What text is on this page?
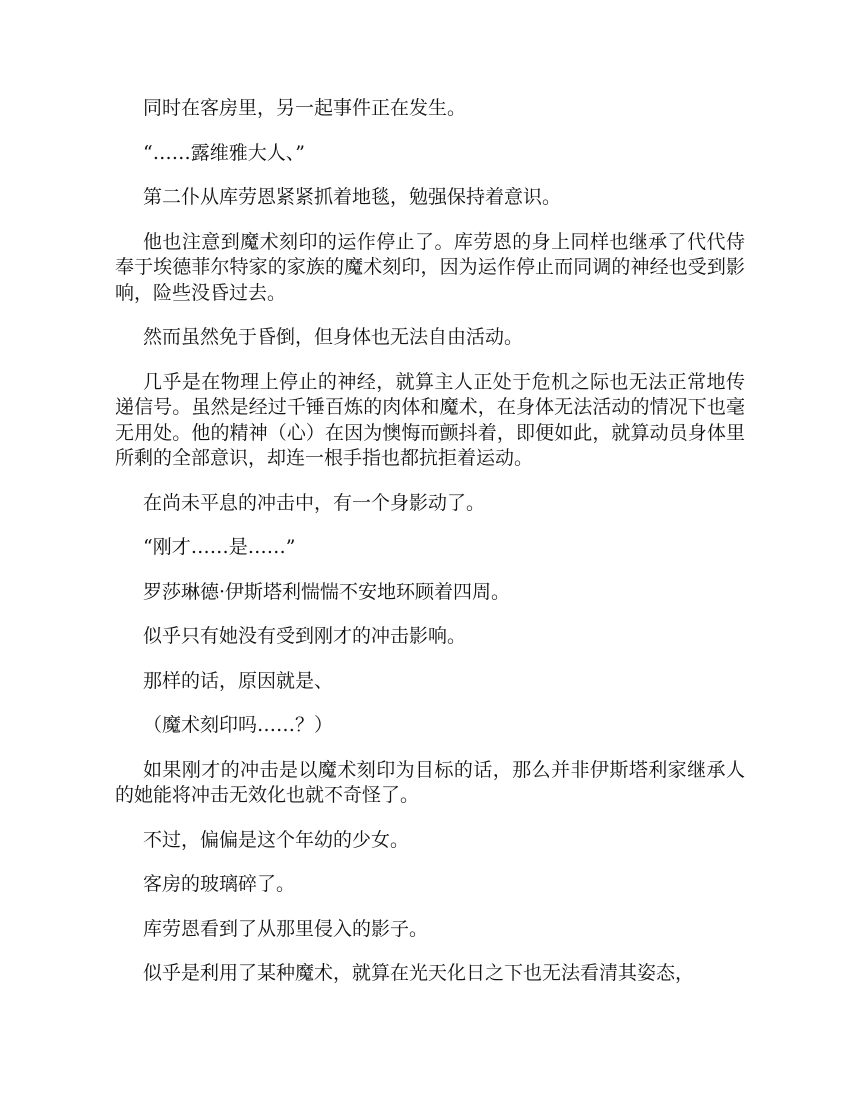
同时在客房里，另一起事件正在发生。

“……露维雅大人、”

第二仆从库劳恩紧紧抓着地毯，勉强保持着意识。

他也注意到魔术刻印的运作停止了。库劳恩的身上同样也继承了代代侍奉于埃德菲尔特家的家族的魔术刻印，因为运作停止而同调的神经也受到影响，险些没昏过去。

然而虽然免于昏倒，但身体也无法自由活动。

几乎是在物理上停止的神经，就算主人正处于危机之际也无法正常地传递信号。虽然是经过千锤百炼的肉体和魔术，在身体无法活动的情况下也毫无用处。他的精神（心）在因为懊悔而颤抖着，即便如此，就算动员身体里所剩的全部意识，却连一根手指也都抗拒着运动。

在尚未平息的冲击中，有一个身影动了。

“刚才……是……”

罗莎琳德·伊斯塔利惴惴不安地环顾着四周。

似乎只有她没有受到刚才的冲击影响。

那样的话，原因就是、

（魔术刻印吗……？）

如果刚才的冲击是以魔术刻印为目标的话，那么并非伊斯塔利家继承人的她能将冲击无效化也就不奇怪了。

不过，偏偏是这个年幼的少女。

客房的玻璃碎了。

库劳恩看到了从那里侵入的影子。

似乎是利用了某种魔术，就算在光天化日之下也无法看清其姿态，
